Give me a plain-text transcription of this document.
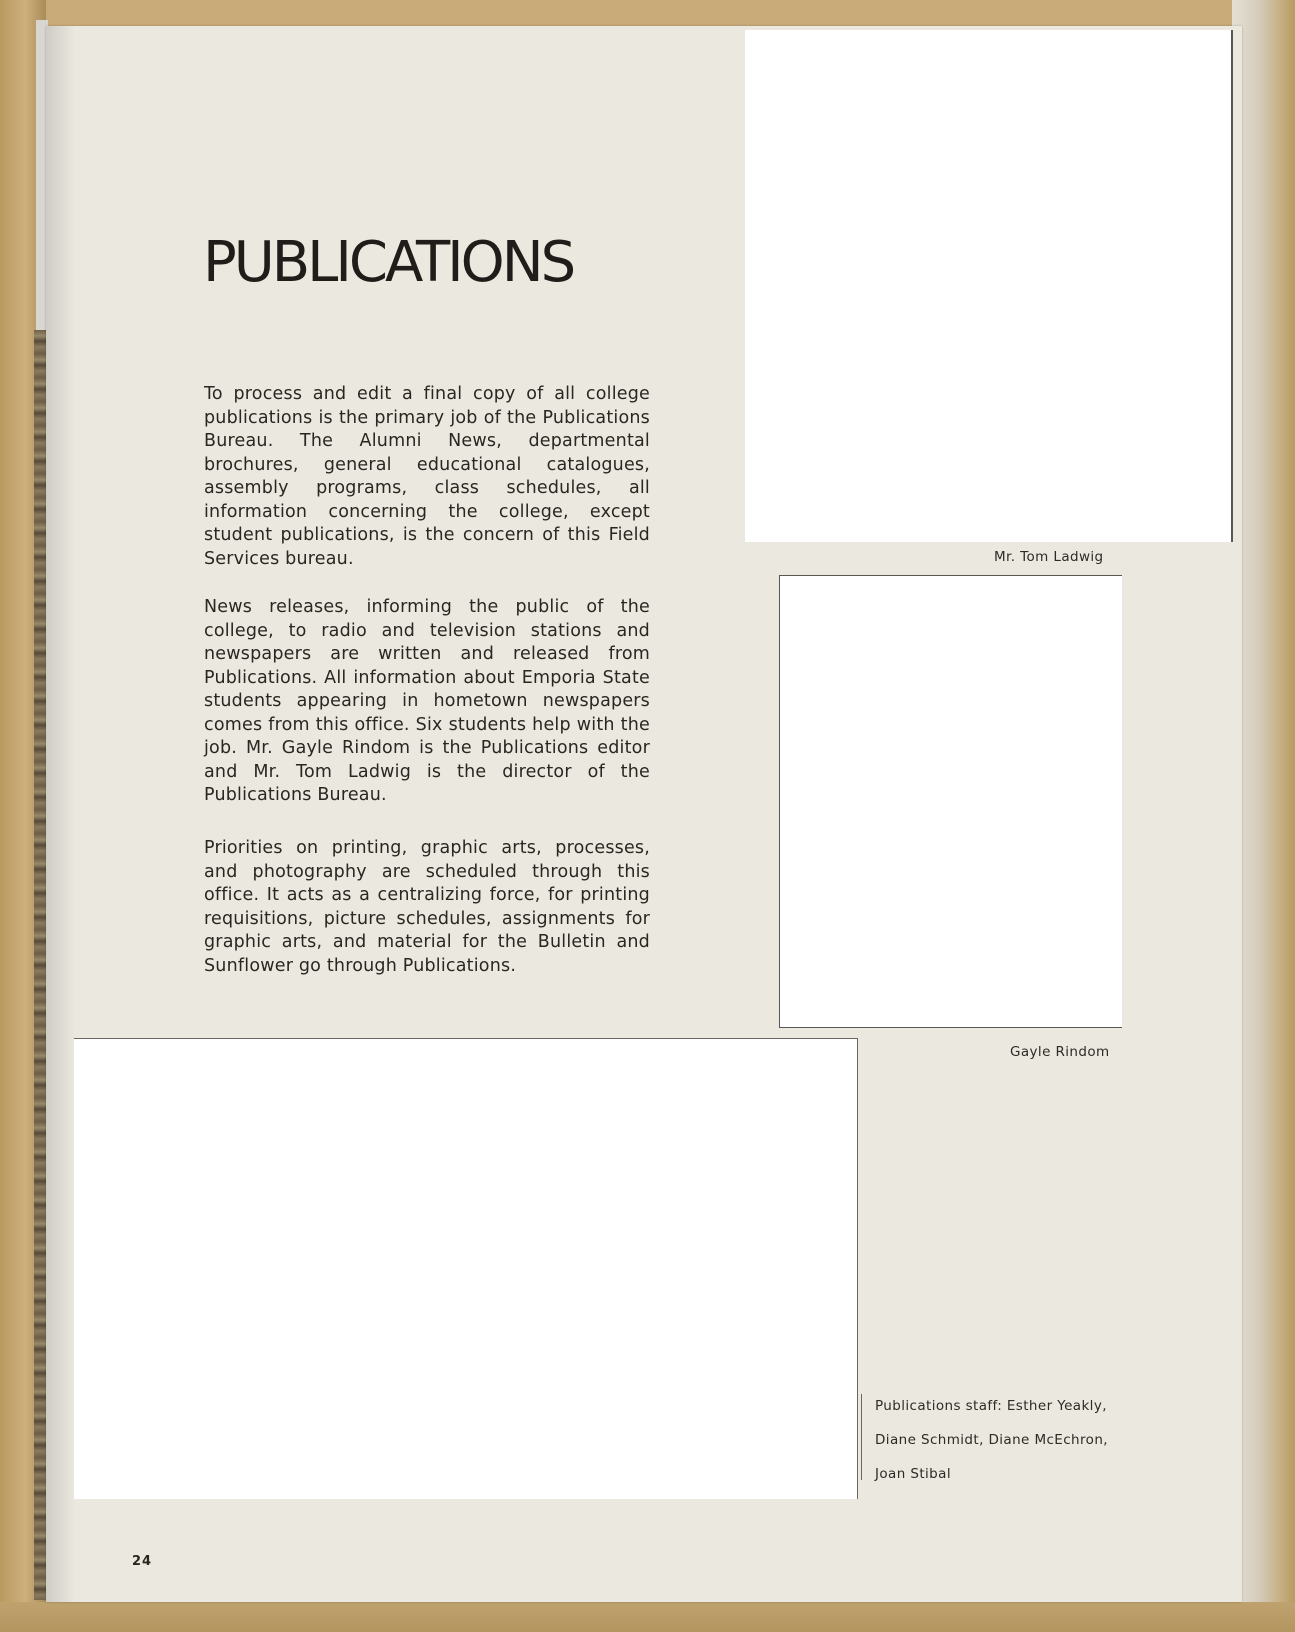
PUBLICATIONS

To process and edit a final copy of all college publications is the primary job of the Publications Bureau. The Alumni News, departmental brochures, general educational catalogues, assembly programs, class schedules, all information concerning the college, except student publications, is the concern of this Field Services bureau.

News releases, informing the public of the college, to radio and television stations and newspapers are written and released from Publications. All information about Emporia State students appearing in hometown newspapers comes from this office. Six students help with the job. Mr. Gayle Rindom is the Publications editor and Mr. Tom Ladwig is the director of the Publications Bureau.

Priorities on printing, graphic arts, processes, and photography are scheduled through this office. It acts as a centralizing force, for printing requisitions, picture schedules, assignments for graphic arts, and material for the Bulletin and Sunflower go through Publications.

Mr. Tom Ladwig

Gayle Rindom

Publications staff: Esther Yeakly,

Diane Schmidt, Diane McEchron,

Joan Stibal

24
